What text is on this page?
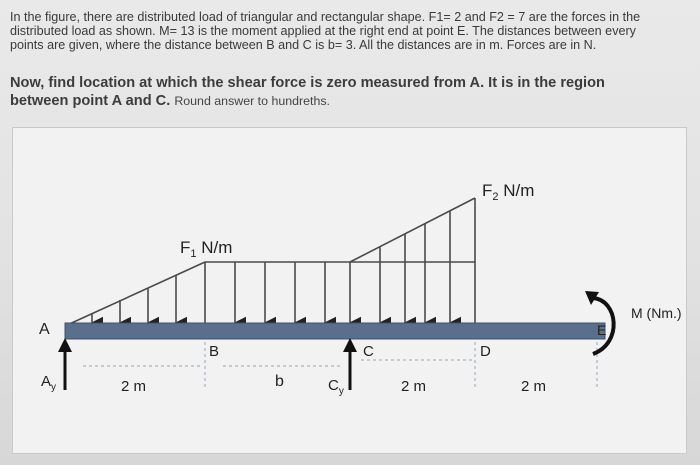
In the figure, there are distributed load of triangular and rectangular shape. F1= 2 and F2 = 7 are the forces in the
distributed load as shown. M= 13 is the moment applied at the right end at point E. The distances between every
points are given, where the distance between B and C is b= 3. All the distances are in m. Forces are in N.
Now, find location at which the shear force is zero measured from A. It is in the region
between point A and C. Round answer to hundreths.
$F_1$ N/m
$F_2$ N/m
A
B	C	D
E
$A_y$	$C_y$
2 m	b	2 m	2 m
M (Nm.)
